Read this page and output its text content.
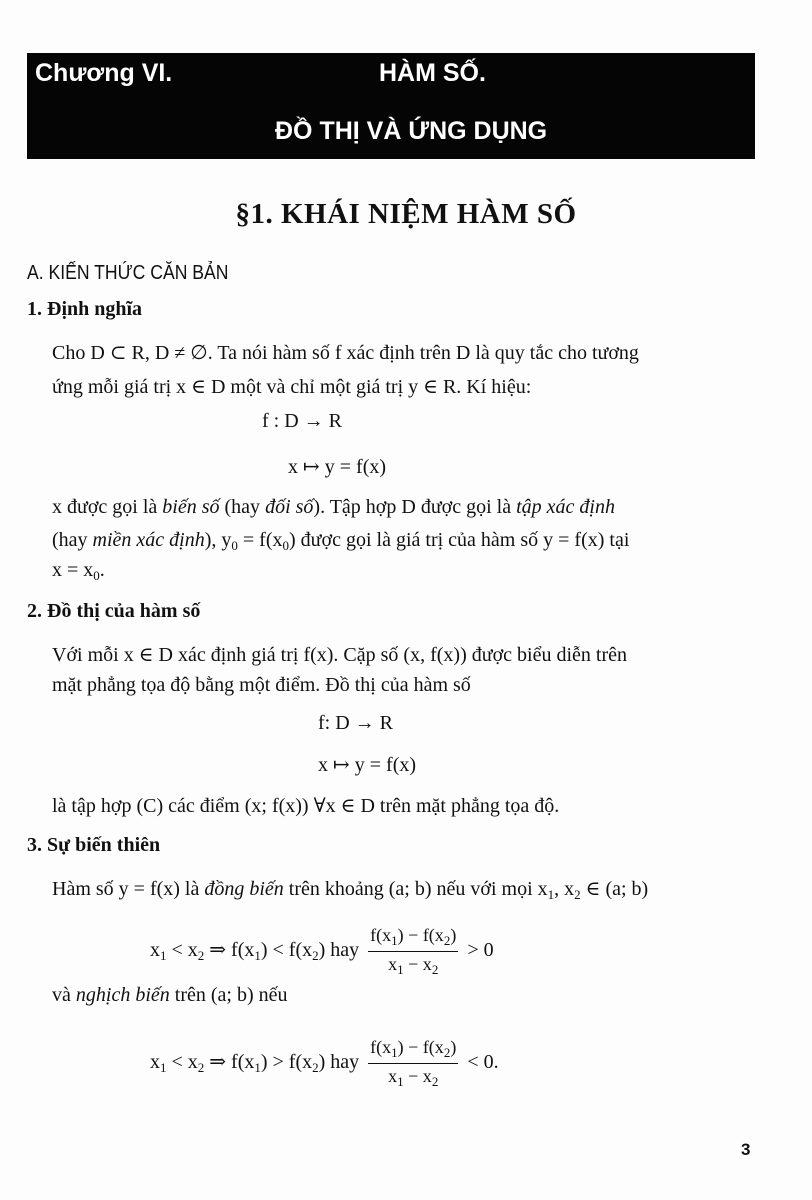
Chương VI.	HÀM SỐ.
ĐỒ THỊ VÀ ỨNG DỤNG
§1. KHÁI NIỆM HÀM SỐ
A. KIẾN THỨC CĂN BẢN
1. Định nghĩa
2. Đồ thị của hàm số
3. Sự biến thiên
Cho D ⊂ R, D ≠ ∅. Ta nói hàm số f xác định trên D là quy tắc cho tương
ứng mỗi giá trị x ∈ D một và chỉ một giá trị y ∈ R. Kí hiệu:
f : D → R
x ↦ y = f(x)
x được gọi là biến số (hay đối số). Tập hợp D được gọi là tập xác định
(hay miền xác định), $y_0 = f(x_0)$ được gọi là giá trị của hàm số y = f(x) tại
$x = x_0$.
Với mỗi x ∈ D xác định giá trị f(x). Cặp số (x, f(x)) được biểu diễn trên
mặt phẳng tọa độ bằng một điểm. Đồ thị của hàm số
f: D → R
x ↦ y = f(x)
là tập hợp (C) các điểm (x; f(x)) ∀x ∈ D trên mặt phẳng tọa độ.
Hàm số y = f(x) là đồng biến trên khoảng (a; b) nếu với mọi $x_1$, $x_2$ ∈ (a; b)
$x_1 < x_2$ ⇒ $f(x_1) < f(x_2)$ hay $\frac{f(x_1) - f(x_2)}{x_1 - x_2} > 0$
và nghịch biến trên (a; b) nếu
$x_1 < x_2$ ⇒ $f(x_1) > f(x_2)$ hay $\frac{f(x_1) - f(x_2)}{x_1 - x_2} < 0$.
3
